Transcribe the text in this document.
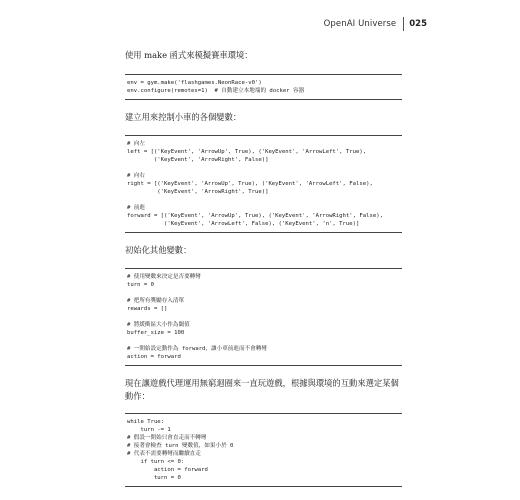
OpenAI Universe 025

使用 make 函式來模擬賽車環境：

env = gym.make('flashgames.NeonRace-v0')
env.configure(remotes=1)  # 自動建立本地端的 docker 容器

建立用來控制小車的各個變數：

# 向左
left = [('KeyEvent', 'ArrowUp', True), ('KeyEvent', 'ArrowLeft', True),
('KeyEvent', 'ArrowRight', False)]
# 向右
right = [('KeyEvent', 'ArrowUp', True), ('KeyEvent', 'ArrowLeft', False),
('KeyEvent', 'ArrowRight', True)]
# 前進
forward = [('KeyEvent', 'ArrowUp', True), ('KeyEvent', 'ArrowRight', False),
('KeyEvent', 'ArrowLeft', False), ('KeyEvent', 'n', True)]

初始化其他變數：

# 使用變數來決定是否要轉彎
turn = 0
# 把所有獎勵存入清單
rewards = []
# 將緩衝區大小作為閾值
buffer_size = 100
# 一開始設定動作為 forward，讓小車前進而不會轉彎
action = forward

現在讓遊戲代理運用無窮迴圈來一直玩遊戲，根據與環境的互動來選定某個動作：

while True:
turn -= 1
# 假設一開始只會直走而不轉彎
# 接著會檢查 turn 變數值，如果小於 0
# 代表不需要轉彎而繼續直走
if turn <= 0:
action = forward
turn = 0
